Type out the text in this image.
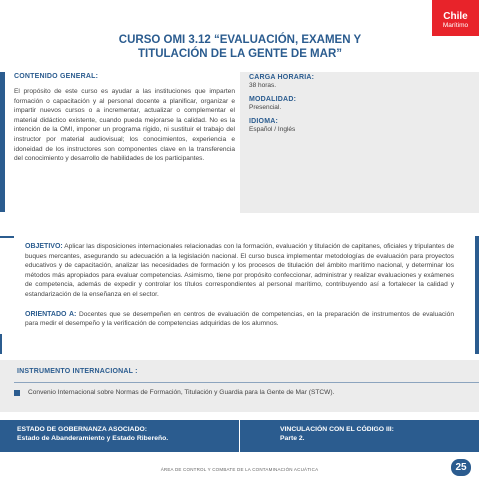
Chile
Marítimo
CURSO OMI 3.12 “EVALUACIÓN, EXAMEN Y TITULACIÓN DE LA GENTE DE MAR”
CONTENIDO GENERAL:
El propósito de este curso es ayudar a las instituciones que imparten formación o capacitación y al personal docente a planificar, organizar e impartir nuevos cursos o a incrementar, actualizar o complementar el material didáctico existente, cuando pueda mejorarse la calidad. No es la intención de la OMI, imponer un programa rígido, ni sustituir el trabajo del instructor por material audiovisual; los conocimientos, experiencia e idoneidad de los instructores son componentes clave en la transferencia del conocimiento y desarrollo de habilidades de los participantes.
CARGA HORARIA:
38 horas.
MODALIDAD:
Presencial.
IDIOMA:
Español / Inglés

OBJETIVO: Aplicar las disposiciones internacionales relacionadas con la formación, evaluación y titulación de capitanes, oficiales y tripulantes de buques mercantes, asegurando su adecuación a la legislación nacional. El curso busca implementar metodologías de evaluación para proyectos educativos y de capacitación, analizar las necesidades de formación y los procesos de titulación del ámbito marítimo nacional, y determinar los métodos más apropiados para evaluar competencias. Asimismo, tiene por propósito confeccionar, administrar y realizar evaluaciones y exámenes de competencia, además de expedir y controlar los títulos correspondientes al personal marítimo, contribuyendo así a fortalecer la calidad y estandarización de la enseñanza en el sector.

ORIENTADO A: Docentes que se desempeñen en centros de evaluación de competencias, en la preparación de instrumentos de evaluación para medir el desempeño y la verificación de competencias adquiridas de los alumnos.

INSTRUMENTO INTERNACIONAL :
Convenio Internacional sobre Normas de Formación, Titulación y Guardia para la Gente de Mar (STCW).
ESTADO DE GOBERNANZA ASOCIADO:
Estado de Abanderamiento y Estado Ribereño.
VINCULACIÓN CON EL CÓDIGO III:
Parte 2.
ÁREA DE CONTROL Y COMBATE DE LA CONTAMINACIÓN ACUÁTICA	25
